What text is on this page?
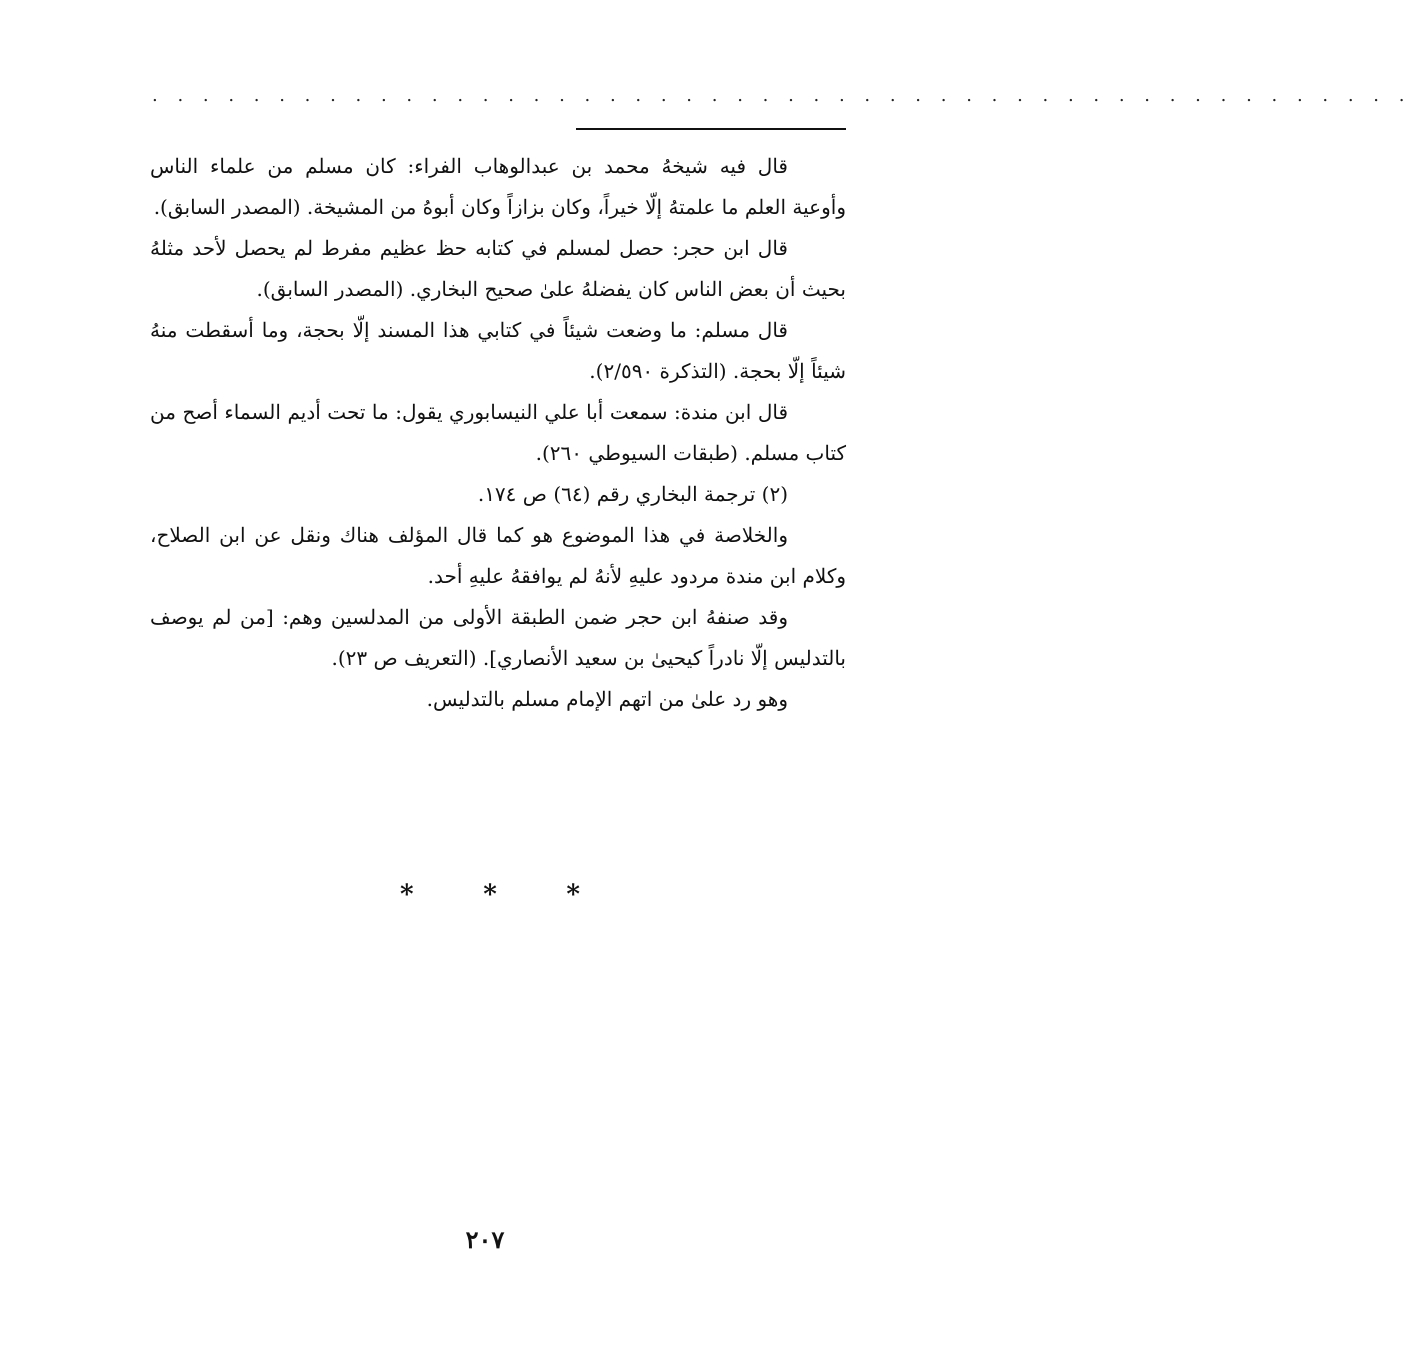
. . . . . . . . . . . . . . . . . . . . . . . . . . . . . . . . . . . . . . . . . . . . . . . . . .

قال فيه شيخهُ محمد بن عبدالوهاب الفراء: كان مسلم من علماء الناس وأوعية العلم ما علمتهُ إلّا خيراً، وكان بزازاً وكان أبوهُ من المشيخة. (المصدر السابق).

قال ابن حجر: حصل لمسلم في كتابه حظ عظيم مفرط لم يحصل لأحد مثلهُ بحيث أن بعض الناس كان يفضلهُ علىٰ صحيح البخاري. (المصدر السابق).

قال مسلم: ما وضعت شيئاً في كتابي هذا المسند إلّا بحجة، وما أسقطت منهُ شيئاً إلّا بحجة. (التذكرة ٢/٥٩٠).

قال ابن مندة: سمعت أبا علي النيسابوري يقول: ما تحت أديم السماء أصح من كتاب مسلم. (طبقات السيوطي ٢٦٠).

(٢) ترجمة البخاري رقم (٦٤) ص ١٧٤.

والخلاصة في هذا الموضوع هو كما قال المؤلف هناك ونقل عن ابن الصلاح، وكلام ابن مندة مردود عليهِ لأنهُ لم يوافقهُ عليهِ أحد.

وقد صنفهُ ابن حجر ضمن الطبقة الأولى من المدلسين وهم: [من لم يوصف بالتدليس إلّا نادراً كيحيىٰ بن سعيد الأنصاري]. (التعريف ص ٢٣).

وهو رد علىٰ من اتهم الإمام مسلم بالتدليس.

*	*	*
٢٠٧
